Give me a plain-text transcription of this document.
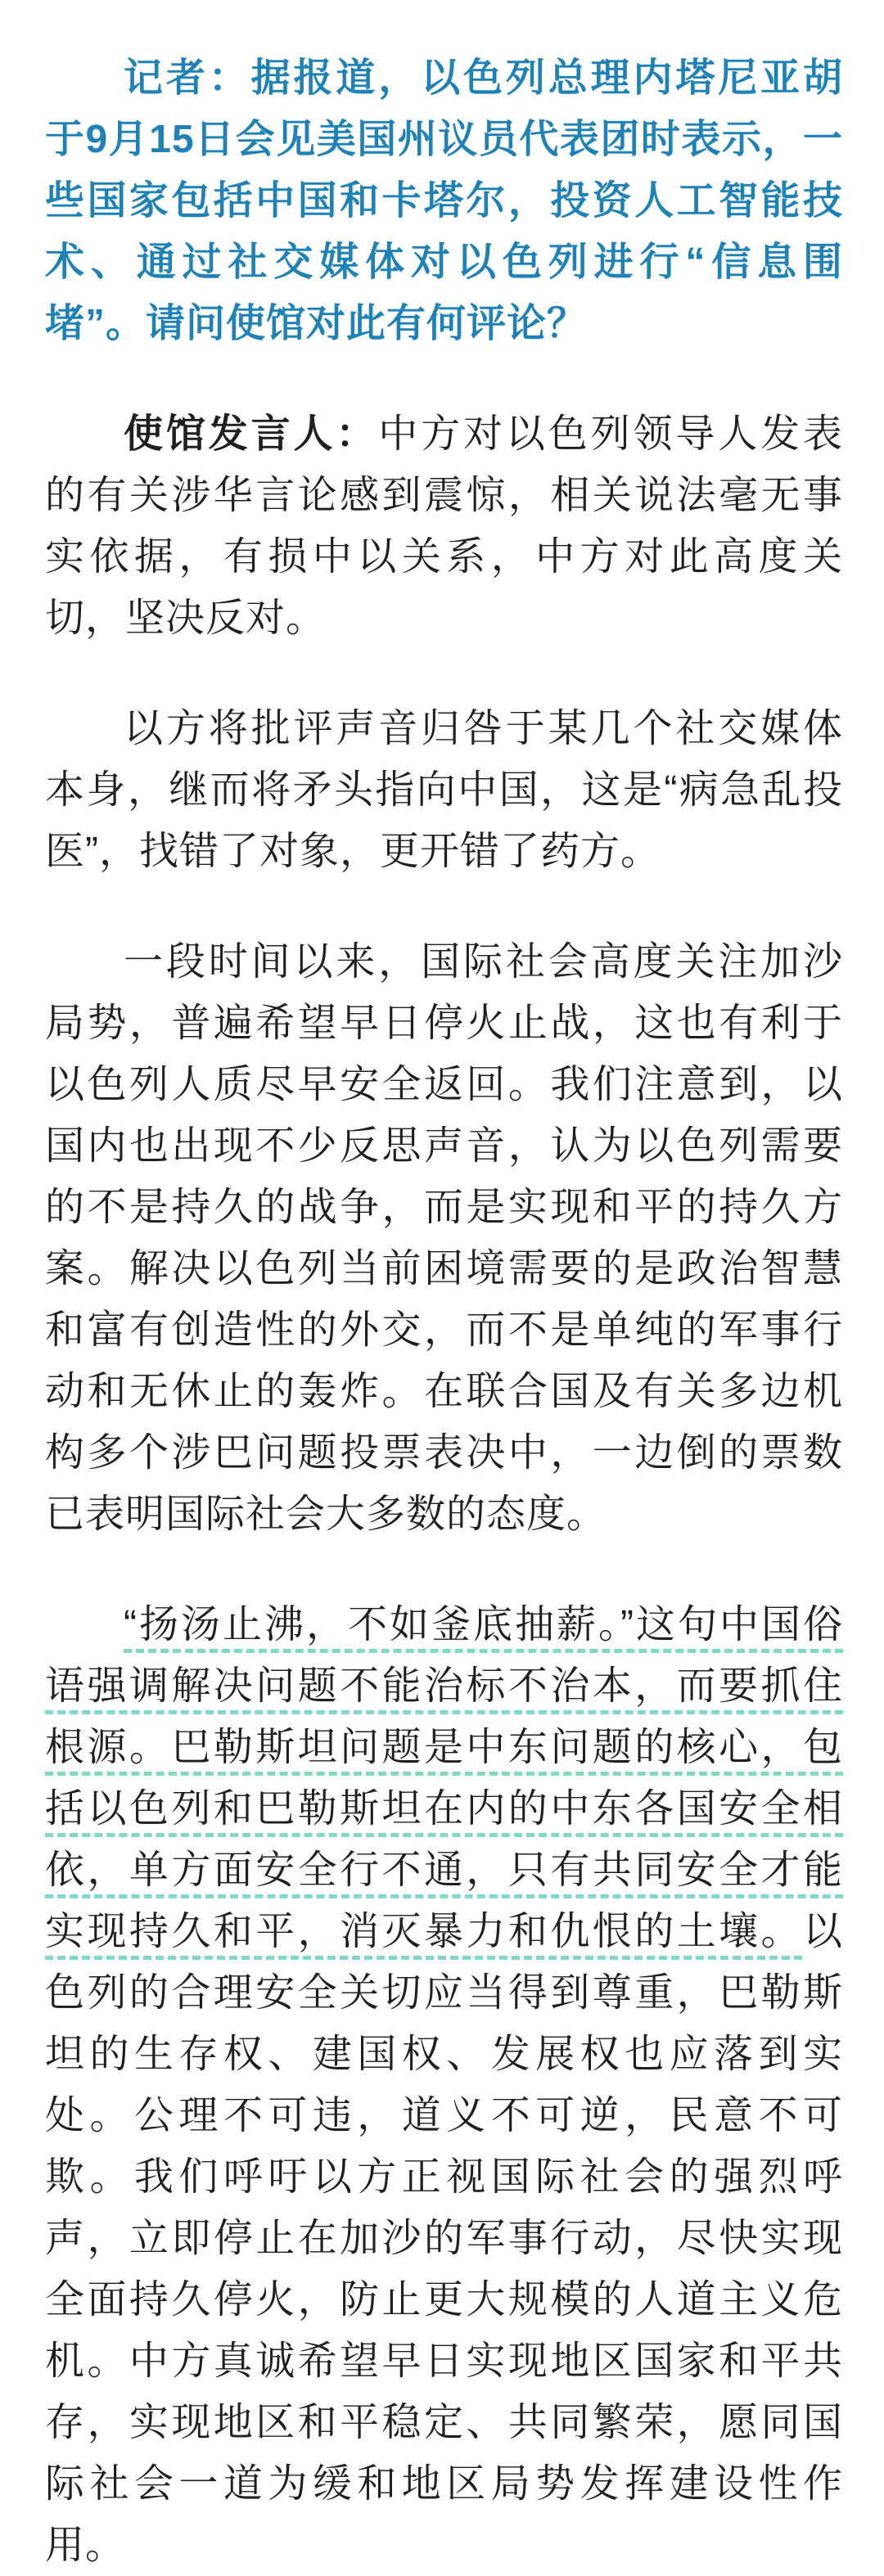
记者：据报道，以色列总理内塔尼亚胡于9月15日会见美国州议员代表团时表示，一些国家包括中国和卡塔尔，投资人工智能技术、通过社交媒体对以色列进行“信息围堵”。请问使馆对此有何评论？

使馆发言人：中方对以色列领导人发表的有关涉华言论感到震惊，相关说法毫无事实依据，有损中以关系，中方对此高度关切，坚决反对。

以方将批评声音归咎于某几个社交媒体本身，继而将矛头指向中国，这是“病急乱投医”，找错了对象，更开错了药方。

一段时间以来，国际社会高度关注加沙局势，普遍希望早日停火止战，这也有利于以色列人质尽早安全返回。我们注意到，以国内也出现不少反思声音，认为以色列需要的不是持久的战争，而是实现和平的持久方案。解决以色列当前困境需要的是政治智慧和富有创造性的外交，而不是单纯的军事行动和无休止的轰炸。在联合国及有关多边机构多个涉巴问题投票表决中，一边倒的票数已表明国际社会大多数的态度。

“扬汤止沸，不如釜底抽薪。”这句中国俗语强调解决问题不能治标不治本，而要抓住根源。巴勒斯坦问题是中东问题的核心，包括以色列和巴勒斯坦在内的中东各国安全相依，单方面安全行不通，只有共同安全才能实现持久和平，消灭暴力和仇恨的土壤。以色列的合理安全关切应当得到尊重，巴勒斯坦的生存权、建国权、发展权也应落到实处。公理不可违，道义不可逆，民意不可欺。我们呼吁以方正视国际社会的强烈呼声，立即停止在加沙的军事行动，尽快实现全面持久停火，防止更大规模的人道主义危机。中方真诚希望早日实现地区国家和平共存，实现地区和平稳定、共同繁荣，愿同国际社会一道为缓和地区局势发挥建设性作用。
